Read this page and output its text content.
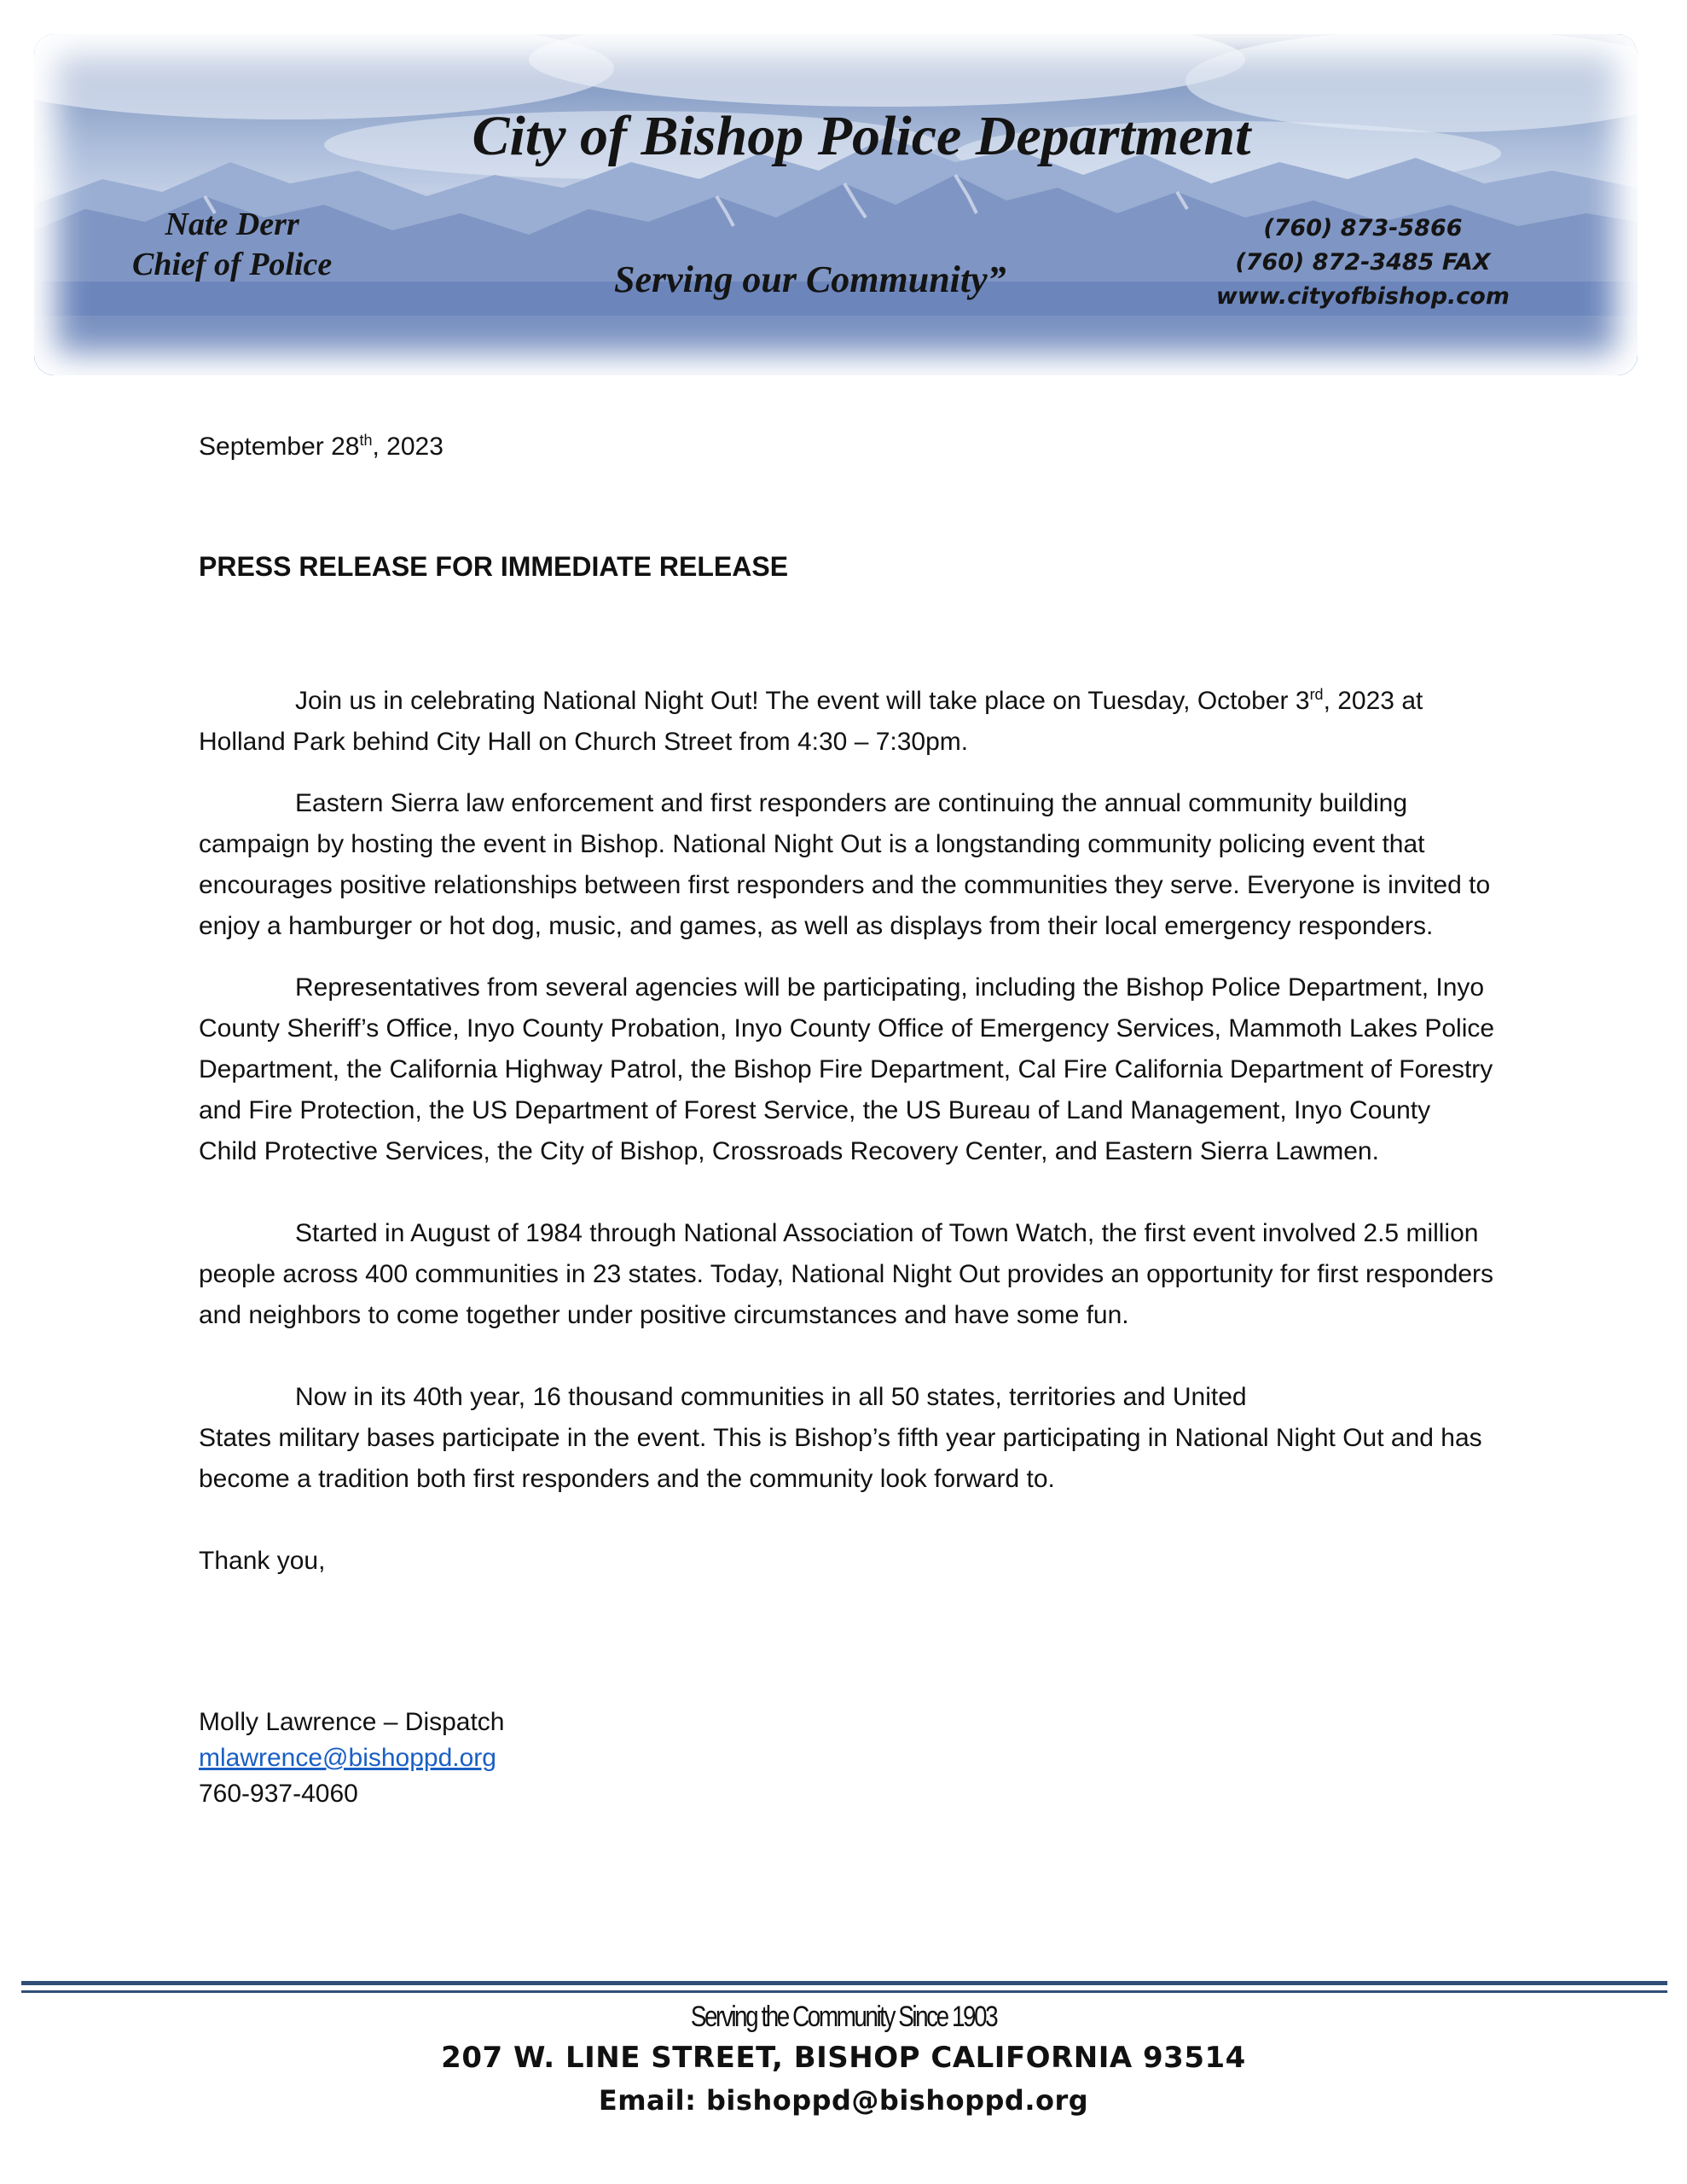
City of Bishop Police Department
Nate Derr
Chief of Police	Serving our Community”
(760) 873-5866
(760) 872-3485 FAX
www.cityofbishop.com

September 28th, 2023

PRESS RELEASE FOR IMMEDIATE RELEASE

Join us in celebrating National Night Out! The event will take place on Tuesday, October 3rd, 2023 at Holland Park behind City Hall on Church Street from 4:30 – 7:30pm.

Eastern Sierra law enforcement and first responders are continuing the annual community building campaign by hosting the event in Bishop. National Night Out is a longstanding community policing event that encourages positive relationships between first responders and the communities they serve. Everyone is invited to enjoy a hamburger or hot dog, music, and games, as well as displays from their local emergency responders.

Representatives from several agencies will be participating, including the Bishop Police Department, Inyo County Sheriff’s Office, Inyo County Probation, Inyo County Office of Emergency Services, Mammoth Lakes Police Department, the California Highway Patrol, the Bishop Fire Department, Cal Fire California Department of Forestry and Fire Protection, the US Department of Forest Service, the US Bureau of Land Management, Inyo County Child Protective Services, the City of Bishop, Crossroads Recovery Center, and Eastern Sierra Lawmen.

Started in August of 1984 through National Association of Town Watch, the first event involved 2.5 million people across 400 communities in 23 states. Today, National Night Out provides an opportunity for first responders and neighbors to come together under positive circumstances and have some fun.

Now in its 40th year, 16 thousand communities in all 50 states, territories and United
States military bases participate in the event. This is Bishop’s fifth year participating in National Night Out and has become a tradition both first responders and the community look forward to.

Thank you,

Molly Lawrence – Dispatch
mlawrence@bishoppd.org
760-937-4060
Serving the Community Since 1903
207 W. LINE STREET, BISHOP CALIFORNIA 93514
Email: bishoppd@bishoppd.org
